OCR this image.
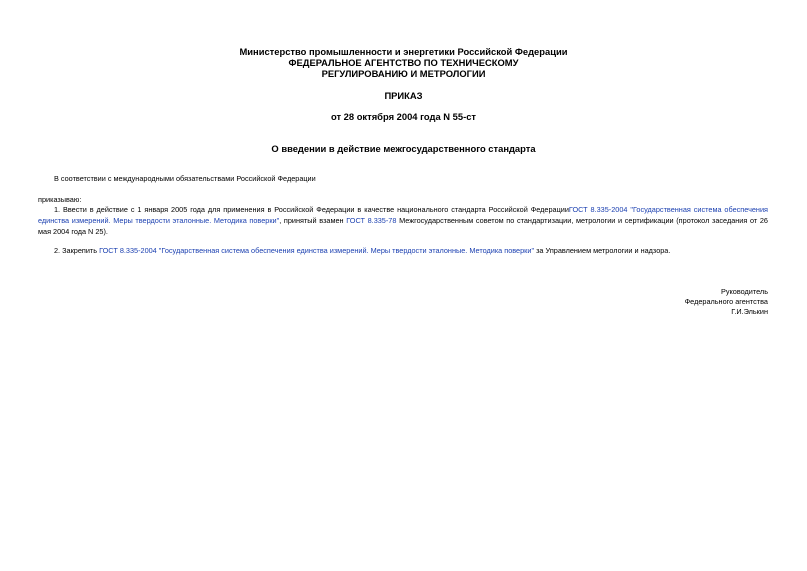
Министерство промышленности и энергетики Российской Федерации
ФЕДЕРАЛЬНОЕ АГЕНТСТВО ПО ТЕХНИЧЕСКОМУ
РЕГУЛИРОВАНИЮ И МЕТРОЛОГИИ
ПРИКАЗ
от 28 октября 2004 года N 55-ст
О введении в действие межгосударственного стандарта
В соответствии с международными обязательствами Российской Федерации
приказываю:
1. Ввести в действие с 1 января 2005 года для применения в Российской Федерации в качестве национального стандарта Российской ФедерацииГОСТ 8.335-2004 "Государственная система обеспечения единства измерений. Меры твердости эталонные. Методика поверки", принятый взамен ГОСТ 8.335-78 Межгосударственным советом по стандартизации, метрологии и сертификации (протокол заседания от 26 мая 2004 года N 25).
2. Закрепить ГОСТ 8.335-2004 "Государственная система обеспечения единства измерений. Меры твердости эталонные. Методика поверки" за Управлением метрологии и надзора.
Руководитель
Федерального агентства
Г.И.Элькин
